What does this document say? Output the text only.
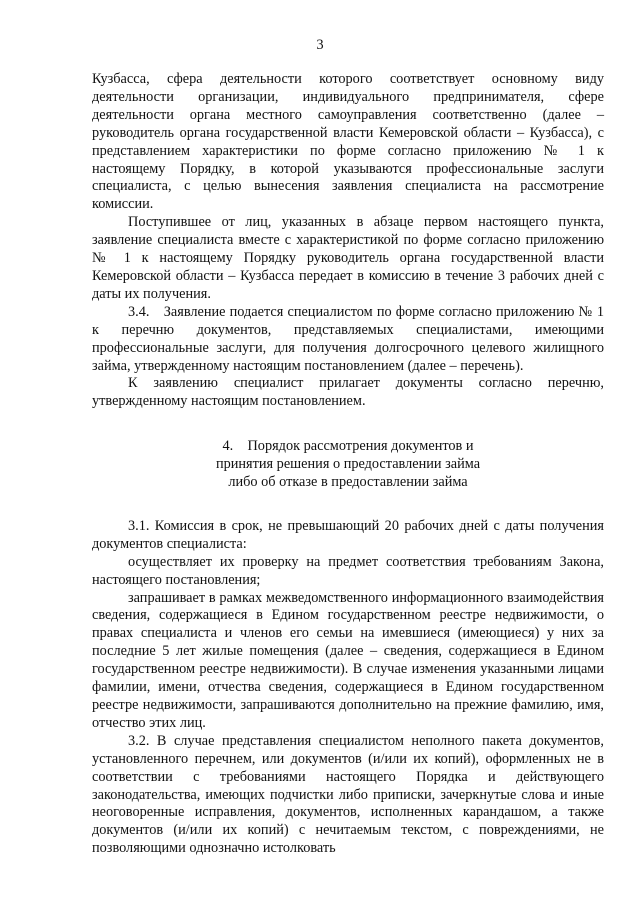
3

Кузбасса, сфера деятельности которого соответствует основному виду деятельности организации, индивидуального предпринимателя, сфере деятельности органа местного самоуправления соответственно (далее – руководитель органа государственной власти Кемеровской области – Кузбасса), с представлением характеристики по форме согласно приложению № 1 к настоящему Порядку, в которой указываются профессиональные заслуги специалиста, с целью вынесения заявления специалиста на рассмотрение комиссии.

Поступившее от лиц, указанных в абзаце первом настоящего пункта, заявление специалиста вместе с характеристикой по форме согласно приложению № 1 к настоящему Порядку руководитель органа государственной власти Кемеровской области – Кузбасса передает в комиссию в течение 3 рабочих дней с даты их получения.

3.4.  Заявление подается специалистом по форме согласно приложению № 1 к перечню документов, представляемых специалистами, имеющими профессиональные заслуги, для получения долгосрочного целевого жилищного займа, утвержденному настоящим постановлением (далее – перечень).

К заявлению специалист прилагает документы согласно перечню, утвержденному настоящим постановлением.

4.  Порядок рассмотрения документов и
принятия решения о предоставлении займа
либо об отказе в предоставлении займа

3.1. Комиссия в срок, не превышающий 20 рабочих дней с даты получения документов специалиста:

осуществляет их проверку на предмет соответствия требованиям Закона, настоящего постановления;

запрашивает в рамках межведомственного информационного взаимодействия сведения, содержащиеся в Едином государственном реестре недвижимости, о правах специалиста и членов его семьи на имевшиеся (имеющиеся) у них за последние 5 лет жилые помещения (далее – сведения, содержащиеся в Едином государственном реестре недвижимости). В случае изменения указанными лицами фамилии, имени, отчества сведения, содержащиеся в Едином государственном реестре недвижимости, запрашиваются дополнительно на прежние фамилию, имя, отчество этих лиц.

3.2. В случае представления специалистом неполного пакета документов, установленного перечнем, или документов (и/или их копий), оформленных не в соответствии с требованиями настоящего Порядка и действующего законодательства, имеющих подчистки либо приписки, зачеркнутые слова и иные неоговоренные исправления, документов, исполненных карандашом, а также документов (и/или их копий) с нечитаемым текстом, с повреждениями, не позволяющими однозначно истолковать
